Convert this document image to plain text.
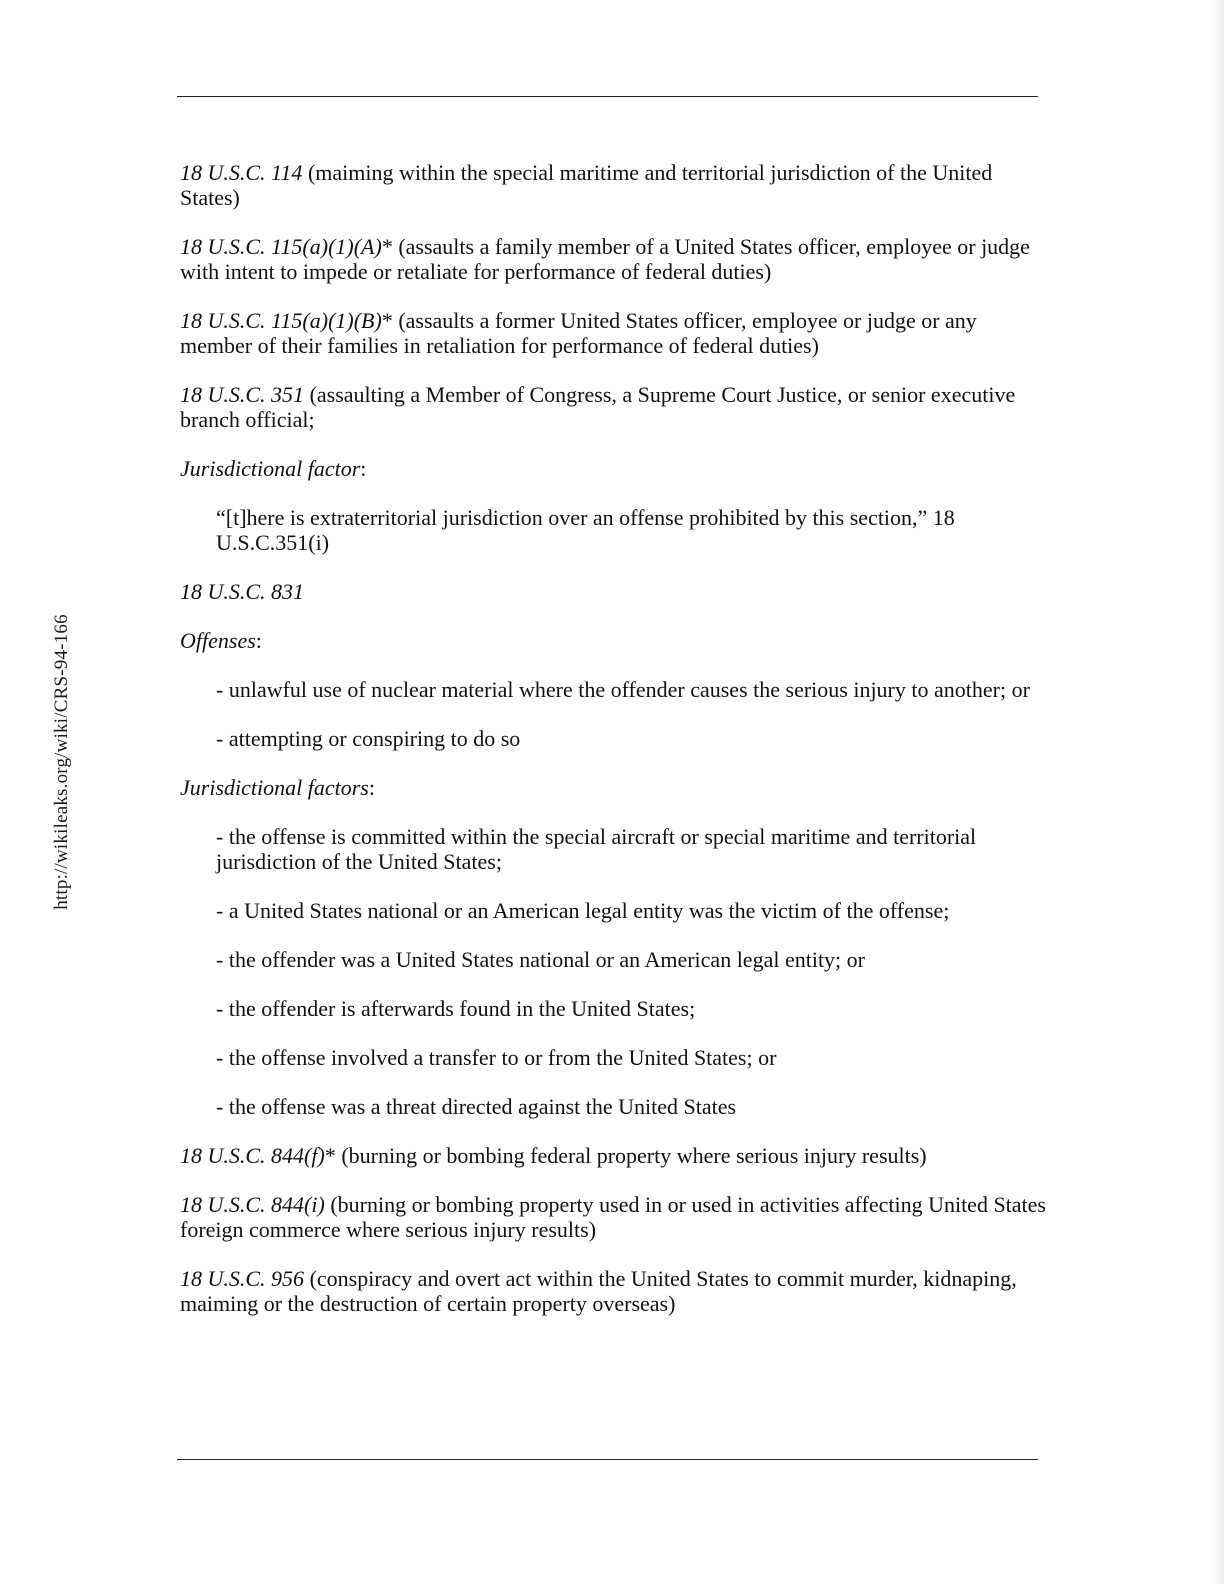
http://wikileaks.org/wiki/CRS-94-166

18 U.S.C. 114 (maiming within the special maritime and territorial jurisdiction of the United

States)

18 U.S.C. 115(a)(1)(A)* (assaults a family member of a United States officer, employee or judge

with intent to impede or retaliate for performance of federal duties)

18 U.S.C. 115(a)(1)(B)* (assaults a former United States officer, employee or judge or any

member of their families in retaliation for performance of federal duties)

18 U.S.C. 351 (assaulting a Member of Congress, a Supreme Court Justice, or senior executive

branch official;

Jurisdictional factor:

“[t]here is extraterritorial jurisdiction over an offense prohibited by this section,” 18

U.S.C.351(i)

18 U.S.C. 831

Offenses:

- unlawful use of nuclear material where the offender causes the serious injury to another; or

- attempting or conspiring to do so

Jurisdictional factors:

- the offense is committed within the special aircraft or special maritime and territorial

jurisdiction of the United States;

- a United States national or an American legal entity was the victim of the offense;

- the offender was a United States national or an American legal entity; or

- the offender is afterwards found in the United States;

- the offense involved a transfer to or from the United States; or

- the offense was a threat directed against the United States

18 U.S.C. 844(f)* (burning or bombing federal property where serious injury results)

18 U.S.C. 844(i) (burning or bombing property used in or used in activities affecting United States

foreign commerce where serious injury results)

18 U.S.C. 956 (conspiracy and overt act within the United States to commit murder, kidnaping,

maiming or the destruction of certain property overseas)
